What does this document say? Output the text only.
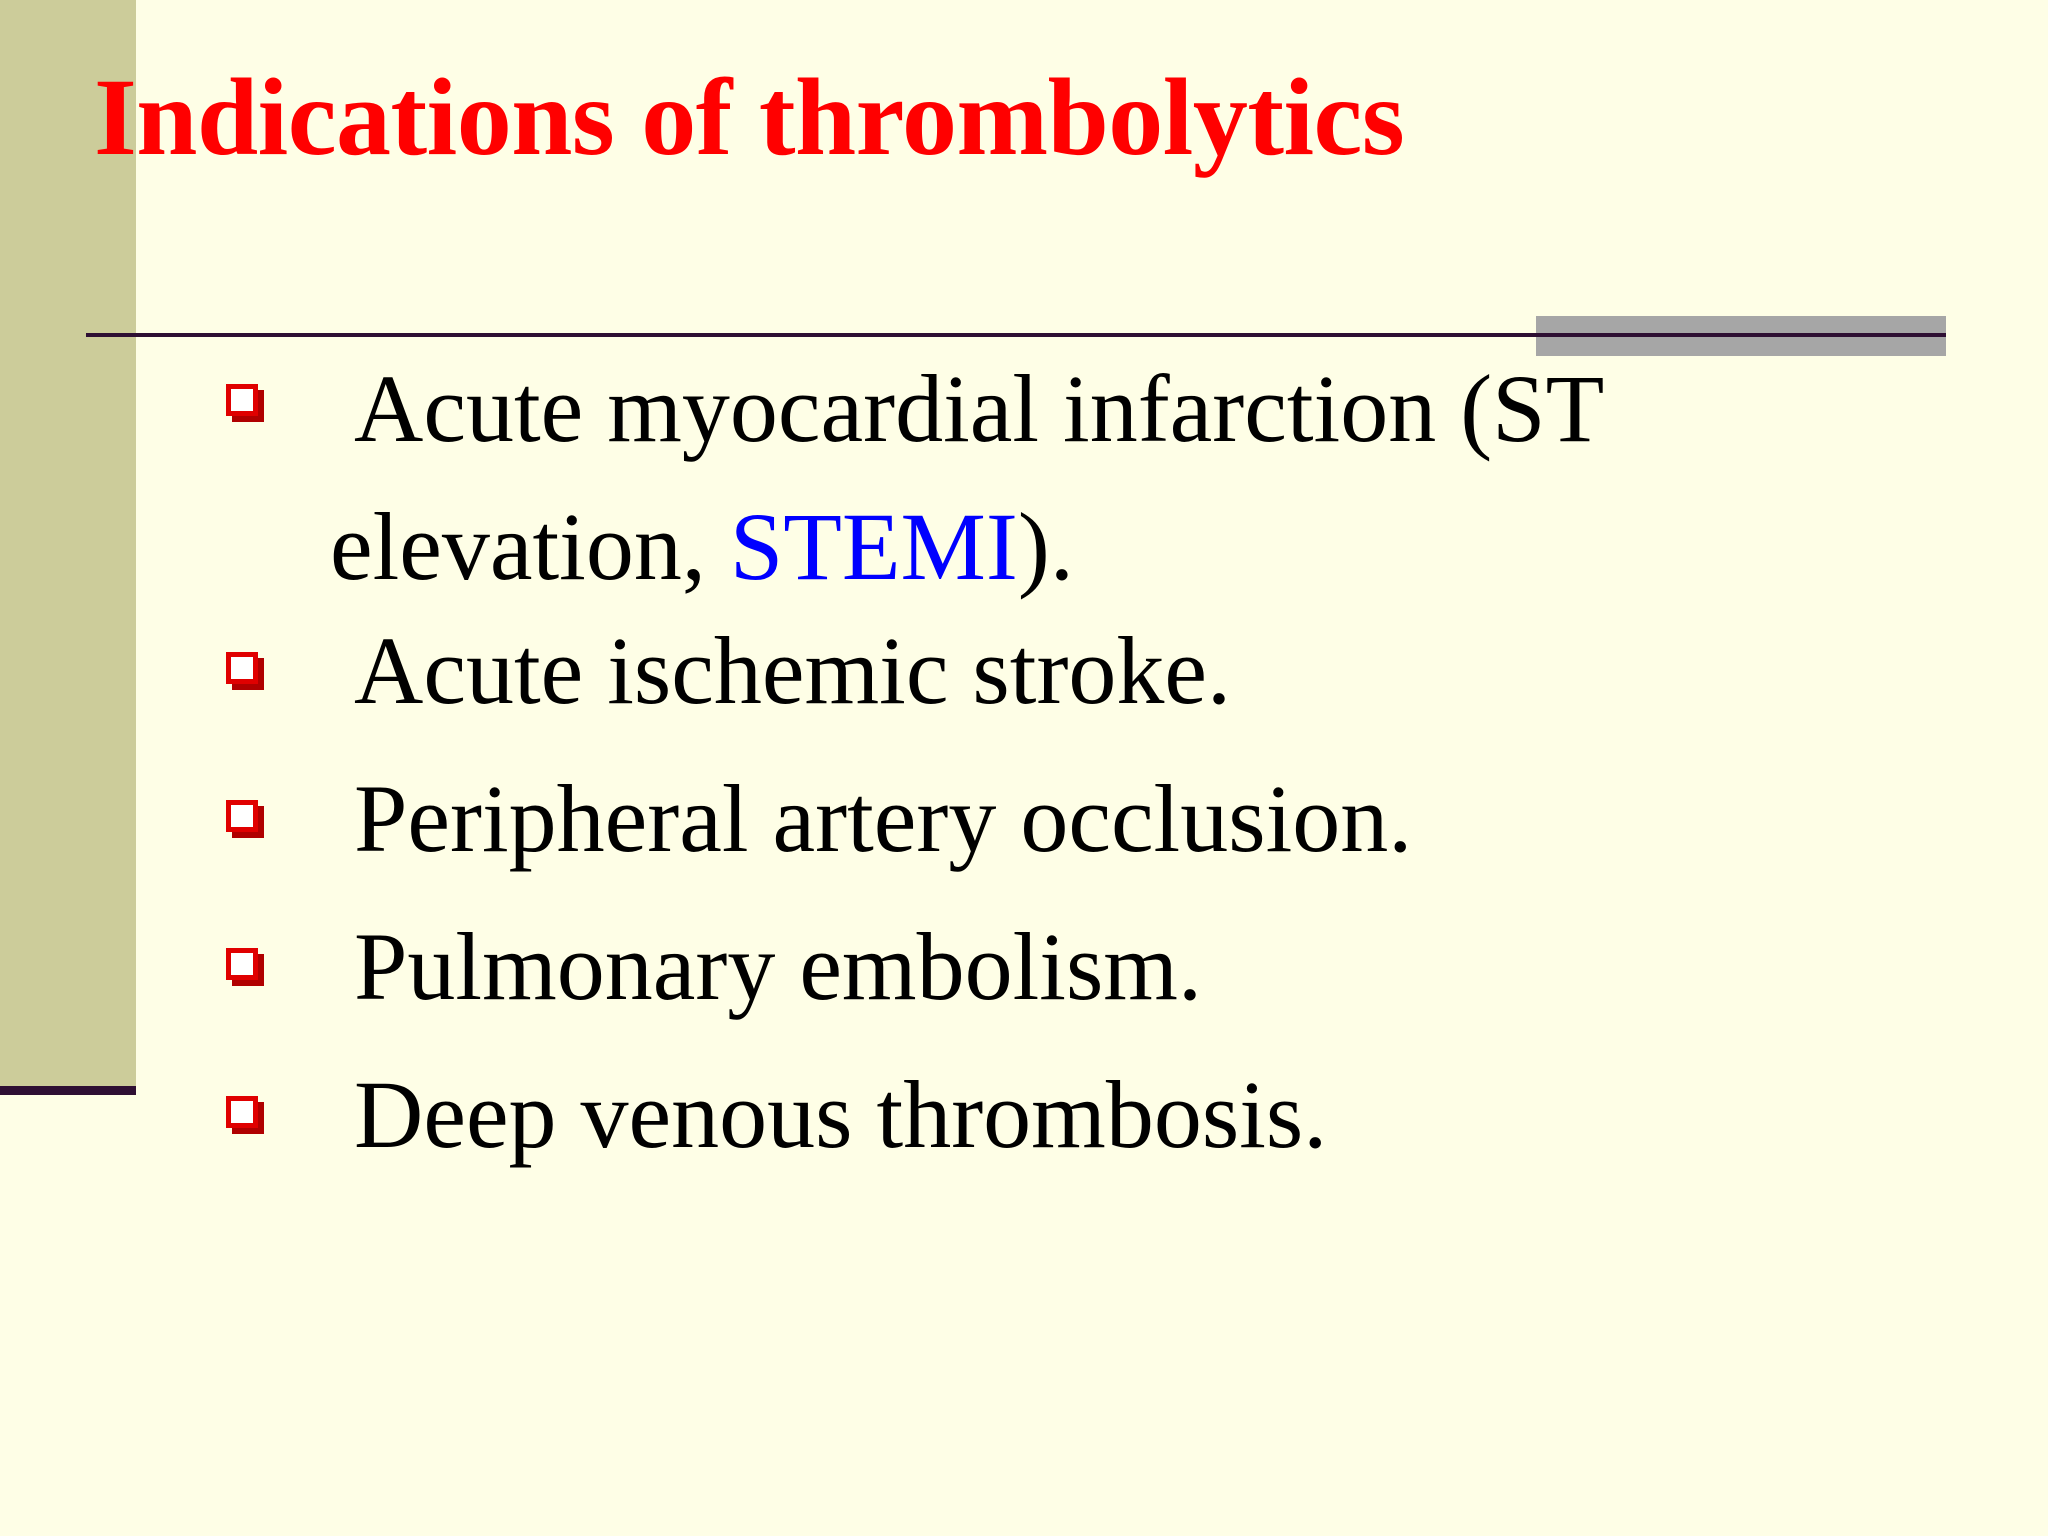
Indications of thrombolytics
Acute myocardial infarction (ST elevation, STEMI).
Acute ischemic stroke.
Peripheral artery occlusion.
Pulmonary embolism.
Deep venous thrombosis.
